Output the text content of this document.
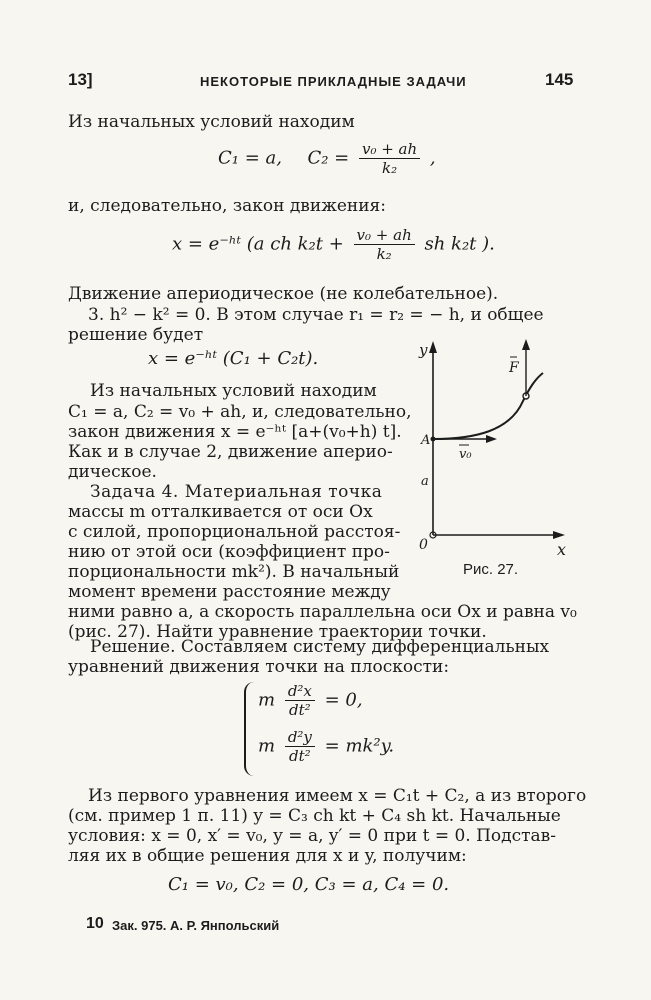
13]	НЕКОТОРЫЕ ПРИКЛАДНЫЕ ЗАДАЧИ	145
Из начальных условий находим
C₁ = a, $C_2 = \frac{\text{v₀ + ah}}{\text{k₂}}$ ,
и, следовательно, закон движения:
x = e⁻ʰᵗ (a ch $k_2t + \frac{\text{v₀ + ah}}{\text{k₂}}$ sh k₂t ).
Движение апериодическое (не колебательное).
3. h² − k² = 0. В этом случае r₁ = r₂ = − h, и общее
решение будет
x = e⁻ʰᵗ (C₁ + C₂t).
Из начальных условий находим
C₁ = a, C₂ = v₀ + ah, и, следовательно,
закон движения x = e⁻ʰᵗ [a+(v₀+h) t].
Как и в случае 2, движение аперио-
дическое.
Задача 4. Материальная точка
массы m отталкивается от оси Ox
с силой, пропорциональной расстоя-
нию от этой оси (коэффициент про-
порциональности mk²). В начальный
момент времени расстояние между
ними равно a, а скорость параллельна оси Ox и равна v₀
(рис. 27). Найти уравнение траектории точки.
y
x
0
A
a
F
v₀
Рис. 27.
Решение. Составляем систему дифференциальных
уравнений движения точки на плоскости:
m $\frac{\text{d²x}}{\text{dt²}} = 0$,
m $\frac{\text{d²y}}{\text{dt²}} = mk^2y$.
Из первого уравнения имеем x = C₁t + C₂, а из второго
(см. пример 1 п. 11) y = C₃ ch kt + C₄ sh kt. Начальные
условия: x = 0, x′ = v₀, y = a, y′ = 0 при t = 0. Подстав-
ляя их в общие решения для x и y, получим:
C₁ = v₀, C₂ = 0, C₃ = a, C₄ = 0.
10 Зак. 975. А. Р. Янпольский
